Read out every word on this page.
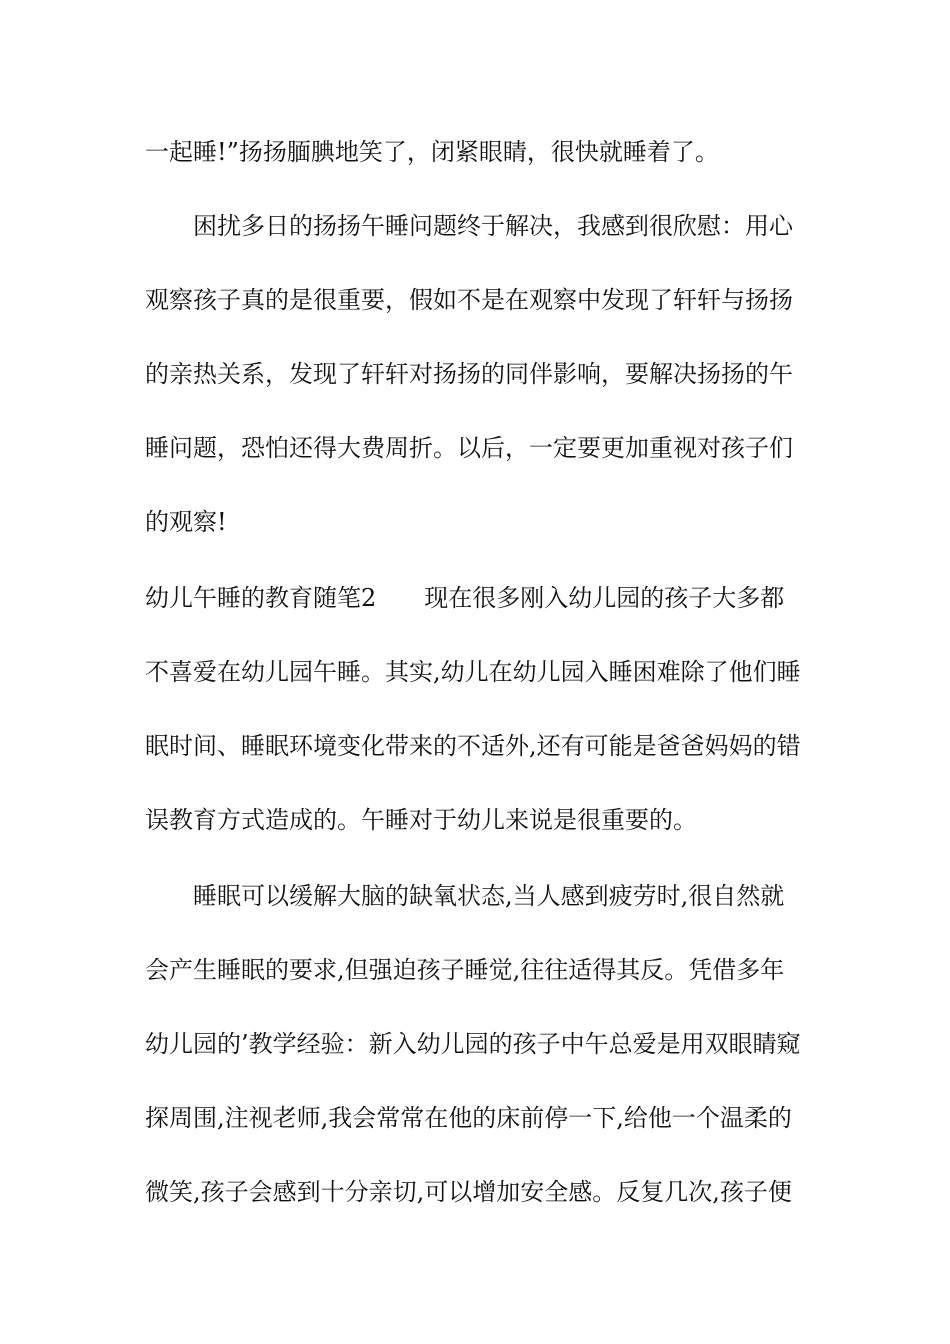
一起睡!”扬扬腼腆地笑了，闭紧眼睛，很快就睡着了。
困扰多日的扬扬午睡问题终于解决，我感到很欣慰：用心
观察孩子真的是很重要，假如不是在观察中发现了轩轩与扬扬
的亲热关系，发现了轩轩对扬扬的同伴影响，要解决扬扬的午
睡问题，恐怕还得大费周折。以后，一定要更加重视对孩子们
的观察!
幼儿午睡的教育随笔2　　现在很多刚入幼儿园的孩子大多都
不喜爱在幼儿园午睡。其实,幼儿在幼儿园入睡困难除了他们睡
眠时间、睡眠环境变化带来的不适外,还有可能是爸爸妈妈的错
误教育方式造成的。午睡对于幼儿来说是很重要的。
睡眠可以缓解大脑的缺氧状态,当人感到疲劳时,很自然就
会产生睡眠的要求,但强迫孩子睡觉,往往适得其反。凭借多年
幼儿园的’教学经验：新入幼儿园的孩子中午总爱是用双眼睛窥
探周围,注视老师,我会常常在他的床前停一下,给他一个温柔的
微笑,孩子会感到十分亲切,可以增加安全感。反复几次,孩子便
